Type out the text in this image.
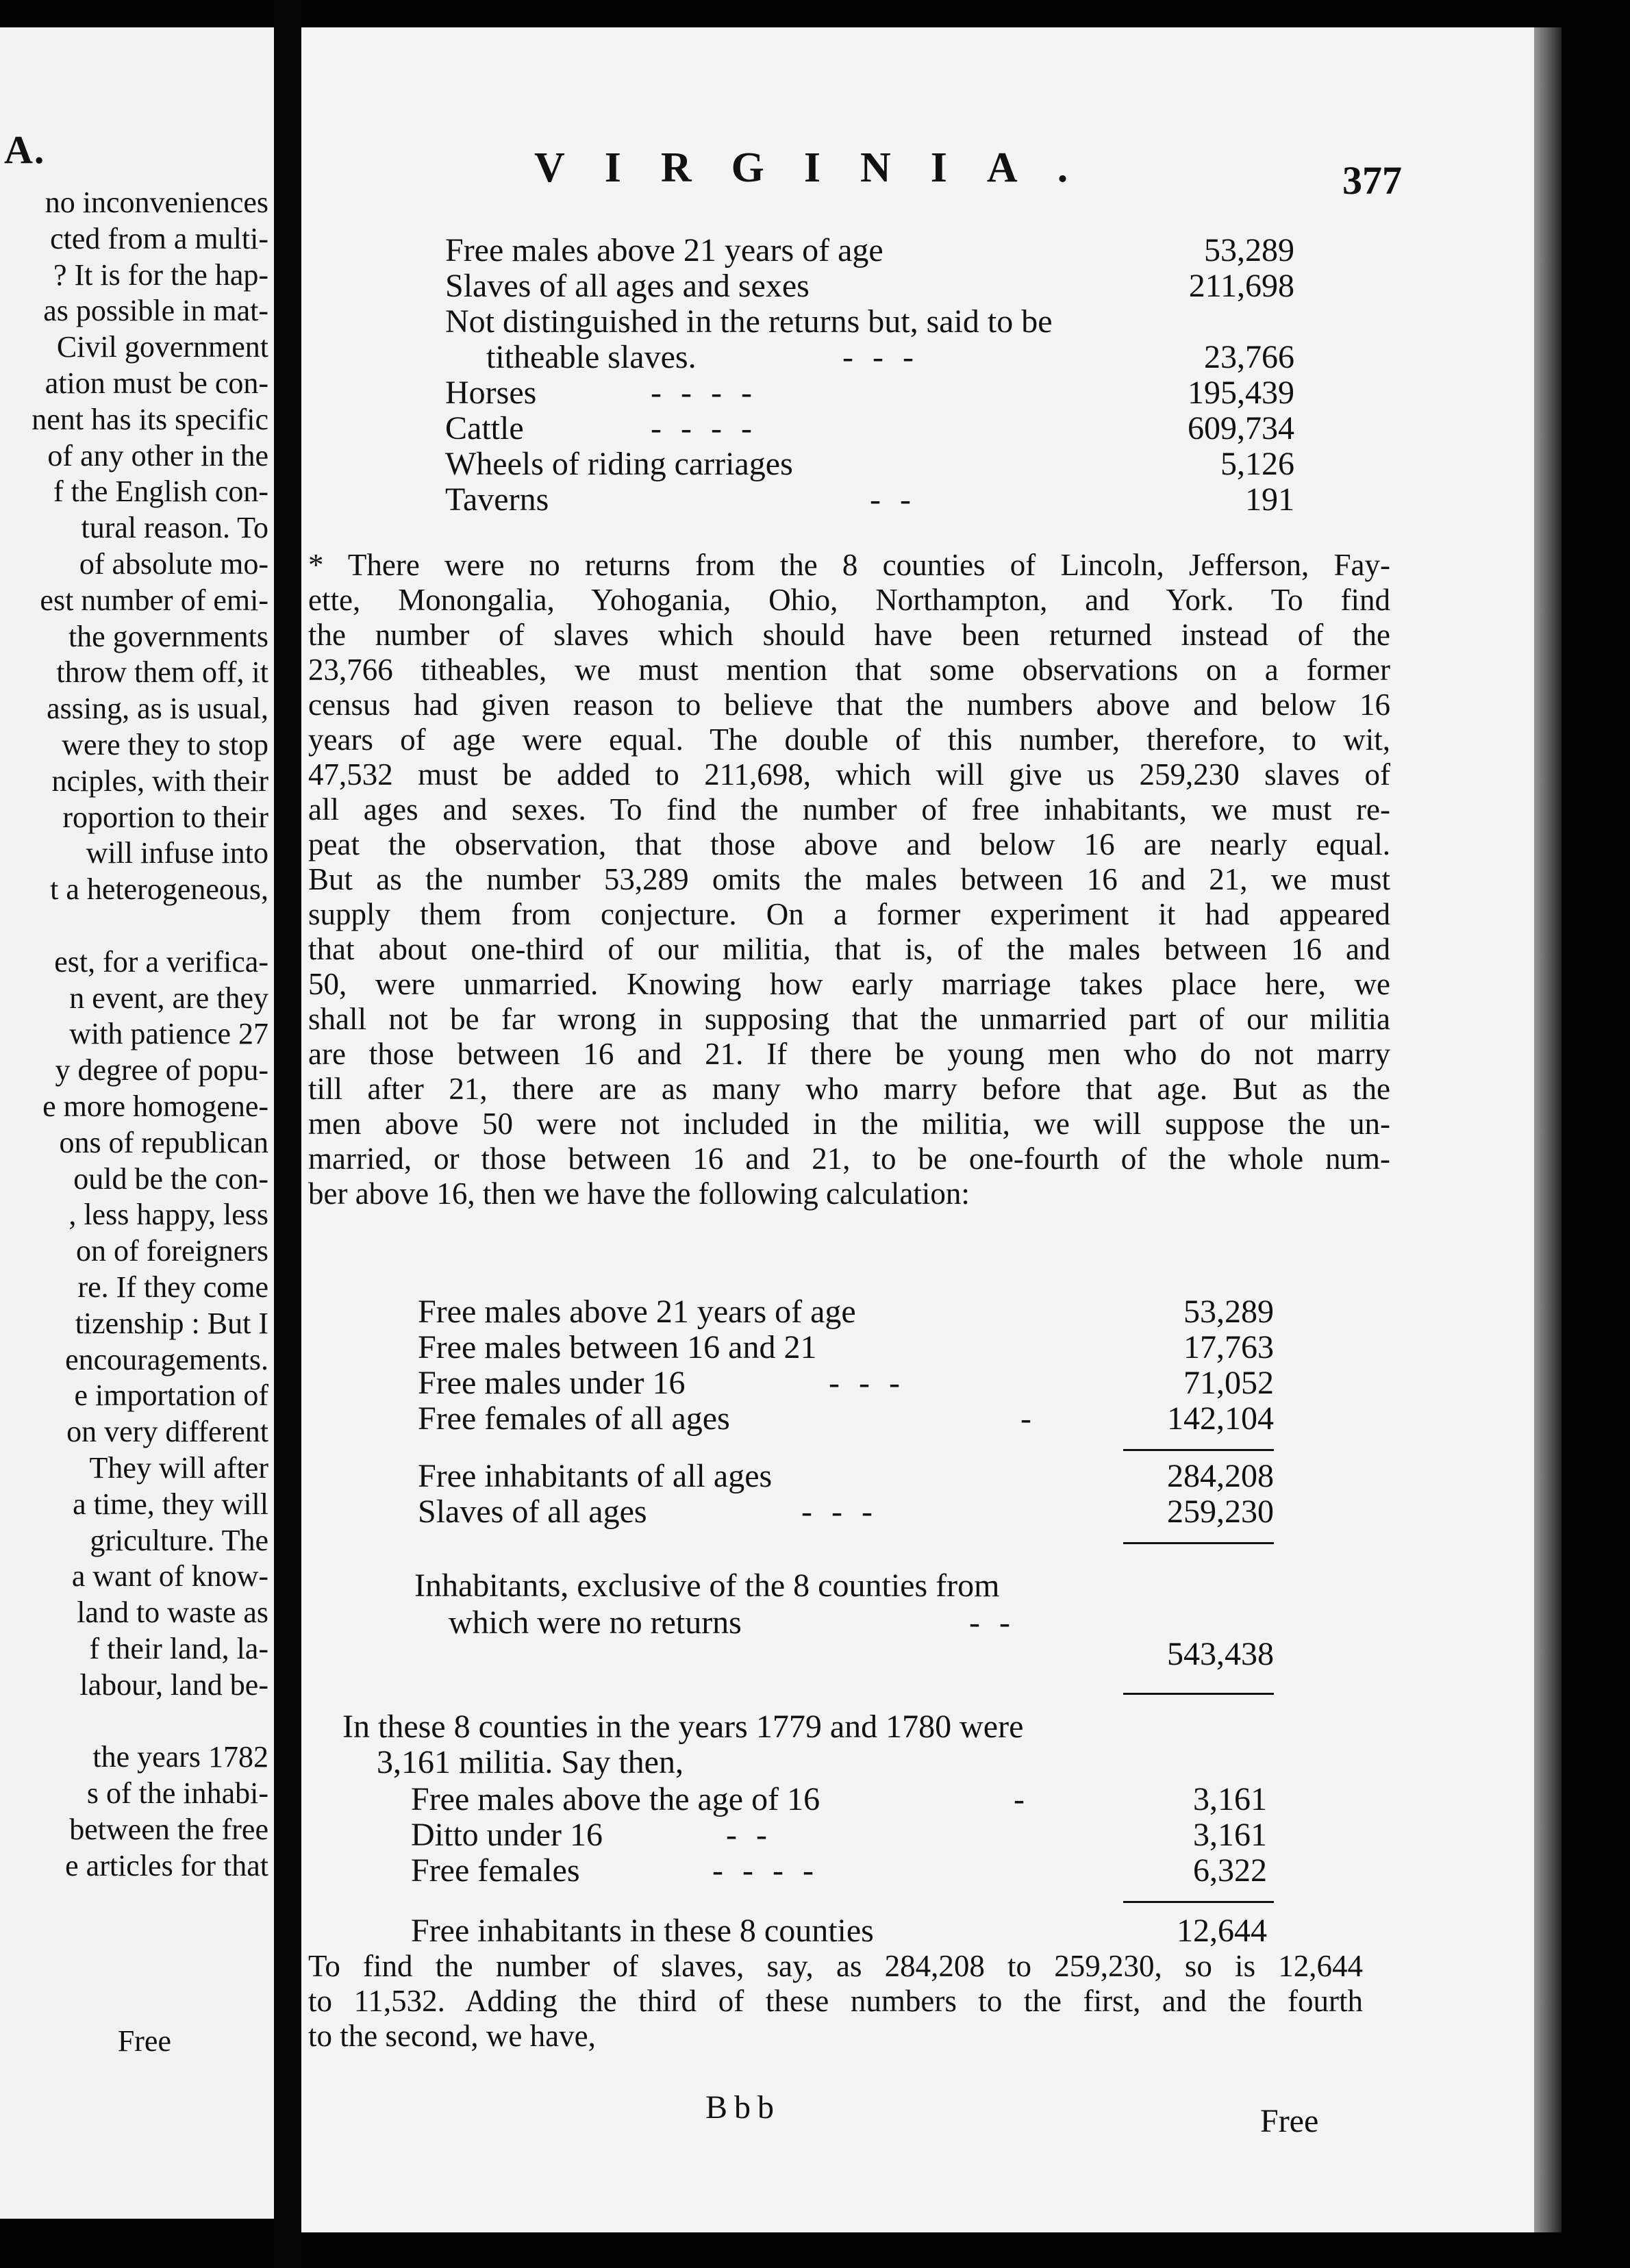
A.
no inconveniences
cted from a multi-
? It is for the hap-
as possible in mat-
Civil government
ation must be con-
nent has its specific
of any other in the
f the English con-
tural reason. To
of absolute mo-
est number of emi-
the governments
throw them off, it
assing, as is usual,
were they to stop
nciples, with their
roportion to their
will infuse into
t a heterogeneous,
est, for a verifica-
n event, are they
with patience 27
y degree of popu-
e more homogene-
ons of republican
ould be the con-
, less happy, less
on of foreigners
re. If they come
tizenship : But I
encouragements.
e importation of
on very different
They will after
a time, they will
griculture. The
a want of know-
land to waste as
f their land, la-
labour, land be-
the years 1782
s of the inhabi-
between the free
e articles for that
Free
VIRGINIA.	377
Free males above 21 years of age	53,289
Slaves of all ages and sexes	211,698
Not distinguished in the returns but, said to be
titheable slaves.	- - -	23,766
Horses	- - - -	195,439
Cattle	- - - -	609,734
Wheels of riding carriages	5,126
Taverns	- -	191
* There were no returns from the 8 counties of Lincoln, Jefferson, Fay-
ette, Monongalia, Yohogania, Ohio, Northampton, and York. To find
the number of slaves which should have been returned instead of the
23,766 titheables, we must mention that some observations on a former
census had given reason to believe that the numbers above and below 16
years of age were equal. The double of this number, therefore, to wit,
47,532 must be added to 211,698, which will give us 259,230 slaves of
all ages and sexes. To find the number of free inhabitants, we must re-
peat the observation, that those above and below 16 are nearly equal.
But as the number 53,289 omits the males between 16 and 21, we must
supply them from conjecture. On a former experiment it had appeared
that about one-third of our militia, that is, of the males between 16 and
50, were unmarried. Knowing how early marriage takes place here, we
shall not be far wrong in supposing that the unmarried part of our militia
are those between 16 and 21. If there be young men who do not marry
till after 21, there are as many who marry before that age. But as the
men above 50 were not included in the militia, we will suppose the un-
married, or those between 16 and 21, to be one-fourth of the whole num-
ber above 16, then we have the following calculation:
Free males above 21 years of age	53,289
Free males between 16 and 21	17,763
Free males under 16	- - -	71,052
Free females of all ages	-	142,104
Free inhabitants of all ages	284,208
Slaves of all ages	- - -	259,230
Inhabitants, exclusive of the 8 counties from
which were no returns	- -
543,438
In these 8 counties in the years 1779 and 1780 were
3,161 militia. Say then,
Free males above the age of 16	-	3,161
Ditto under 16	- -	3,161
Free females	- - - -	6,322
Free inhabitants in these 8 counties	12,644
To find the number of slaves, say, as 284,208 to 259,230, so is 12,644
to 11,532. Adding the third of these numbers to the first, and the fourth
to the second, we have,
Bbb	Free
